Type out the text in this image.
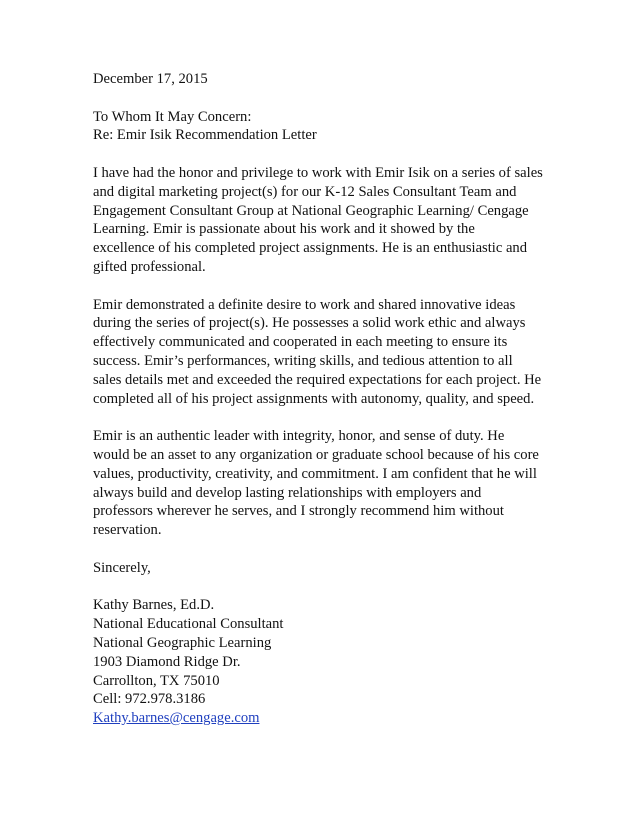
December 17, 2015
To Whom It May Concern:
Re: Emir Isik Recommendation Letter
I have had the honor and privilege to work with Emir Isik on a series of sales
and digital marketing project(s) for our K-12 Sales Consultant Team and
Engagement Consultant Group at National Geographic Learning/ Cengage
Learning. Emir is passionate about his work and it showed by the
excellence of his completed project assignments. He is an enthusiastic and
gifted professional.
Emir demonstrated a definite desire to work and shared innovative ideas
during the series of project(s). He possesses a solid work ethic and always
effectively communicated and cooperated in each meeting to ensure its
success. Emir’s performances, writing skills, and tedious attention to all
sales details met and exceeded the required expectations for each project. He
completed all of his project assignments with autonomy, quality, and speed.
Emir is an authentic leader with integrity, honor, and sense of duty. He
would be an asset to any organization or graduate school because of his core
values, productivity, creativity, and commitment. I am confident that he will
always build and develop lasting relationships with employers and
professors wherever he serves, and I strongly recommend him without
reservation.
Sincerely,
Kathy Barnes, Ed.D.
National Educational Consultant
National Geographic Learning
1903 Diamond Ridge Dr.
Carrollton, TX 75010
Cell: 972.978.3186
Kathy.barnes@cengage.com
